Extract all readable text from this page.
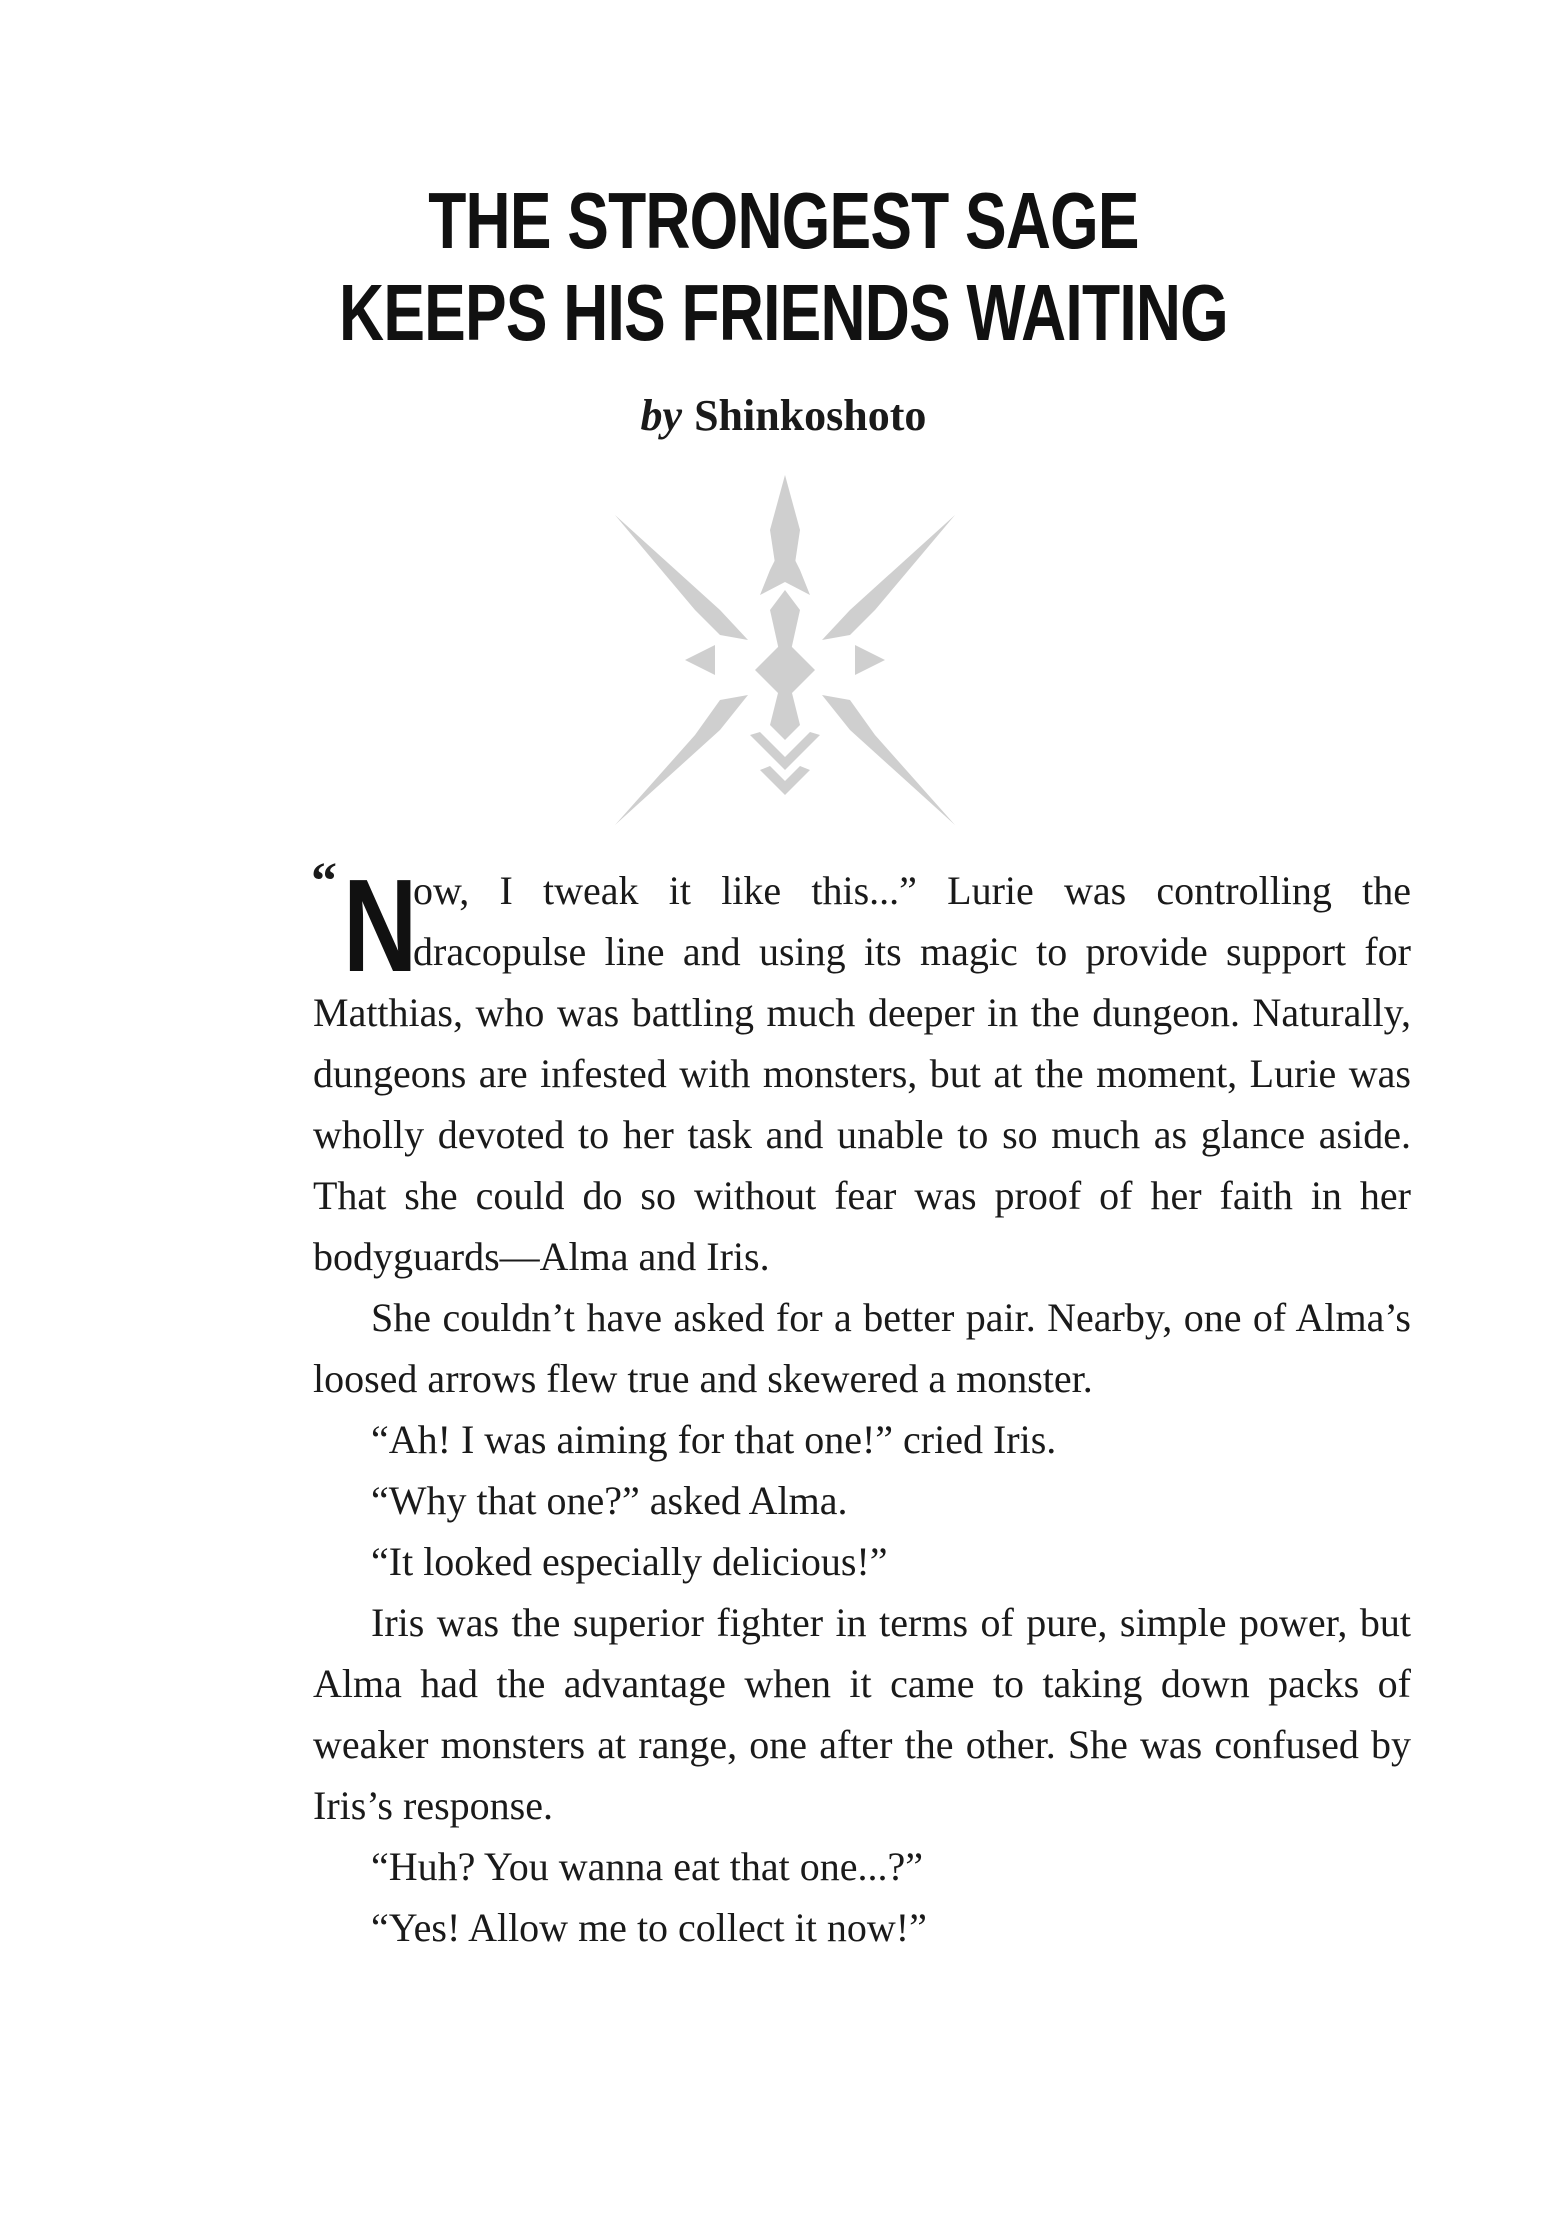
THE STRONGEST SAGE
KEEPS HIS FRIENDS WAITING
by Shinkoshoto
“ N

ow, I tweak it like this...” Lurie was controlling the dracopulse line and using its magic to provide support for Matthias, who was battling much deeper in the dungeon. Naturally, dungeons are infested with monsters, but at the moment, Lurie was wholly devoted to her task and unable to so much as glance aside. That she could do so without fear was proof of her faith in her bodyguards—Alma and Iris.

She couldn’t have asked for a better pair. Nearby, one of Alma’s loosed arrows flew true and skewered a monster.

“Ah! I was aiming for that one!” cried Iris.

“Why that one?” asked Alma.

“It looked especially delicious!”

Iris was the superior fighter in terms of pure, simple power, but Alma had the advantage when it came to taking down packs of weaker monsters at range, one after the other. She was confused by Iris’s response.

“Huh? You wanna eat that one...?”

“Yes! Allow me to collect it now!”
